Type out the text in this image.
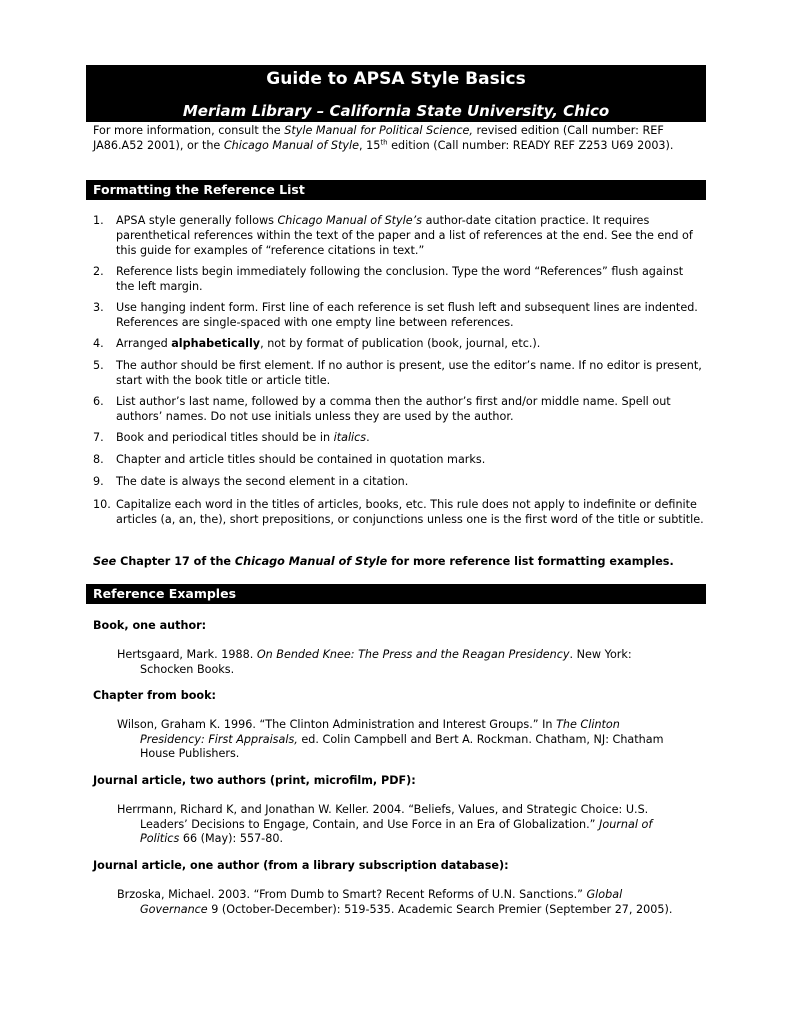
Guide to APSA Style Basics
Meriam Library – California State University, Chico
For more information, consult the Style Manual for Political Science, revised edition (Call number: REF JA86.A52 2001), or the Chicago Manual of Style, 15th edition (Call number: READY REF Z253 U69 2003).
Formatting the Reference List
1. APSA style generally follows Chicago Manual of Style’s author-date citation practice. It requires parenthetical references within the text of the paper and a list of references at the end. See the end of this guide for examples of “reference citations in text.”
2. Reference lists begin immediately following the conclusion. Type the word “References” flush against the left margin.
3. Use hanging indent form. First line of each reference is set flush left and subsequent lines are indented. References are single-spaced with one empty line between references.
4. Arranged alphabetically, not by format of publication (book, journal, etc.).
5. The author should be first element. If no author is present, use the editor’s name. If no editor is present, start with the book title or article title.
6. List author’s last name, followed by a comma then the author’s first and/or middle name. Spell out authors’ names. Do not use initials unless they are used by the author.
7. Book and periodical titles should be in italics.
8. Chapter and article titles should be contained in quotation marks.
9. The date is always the second element in a citation.
10. Capitalize each word in the titles of articles, books, etc. This rule does not apply to indefinite or definite articles (a, an, the), short prepositions, or conjunctions unless one is the first word of the title or subtitle.
See Chapter 17 of the Chicago Manual of Style for more reference list formatting examples.
Reference Examples
Book, one author:
Hertsgaard, Mark. 1988. On Bended Knee: The Press and the Reagan Presidency. New York: Schocken Books.
Chapter from book:
Wilson, Graham K. 1996. “The Clinton Administration and Interest Groups.” In The Clinton Presidency: First Appraisals, ed. Colin Campbell and Bert A. Rockman. Chatham, NJ: Chatham House Publishers.
Journal article, two authors (print, microfilm, PDF):
Herrmann, Richard K, and Jonathan W. Keller. 2004. “Beliefs, Values, and Strategic Choice: U.S. Leaders’ Decisions to Engage, Contain, and Use Force in an Era of Globalization.” Journal of Politics 66 (May): 557-80.
Journal article, one author (from a library subscription database):
Brzoska, Michael. 2003. “From Dumb to Smart? Recent Reforms of U.N. Sanctions.” Global Governance 9 (October-December): 519-535. Academic Search Premier (September 27, 2005).
